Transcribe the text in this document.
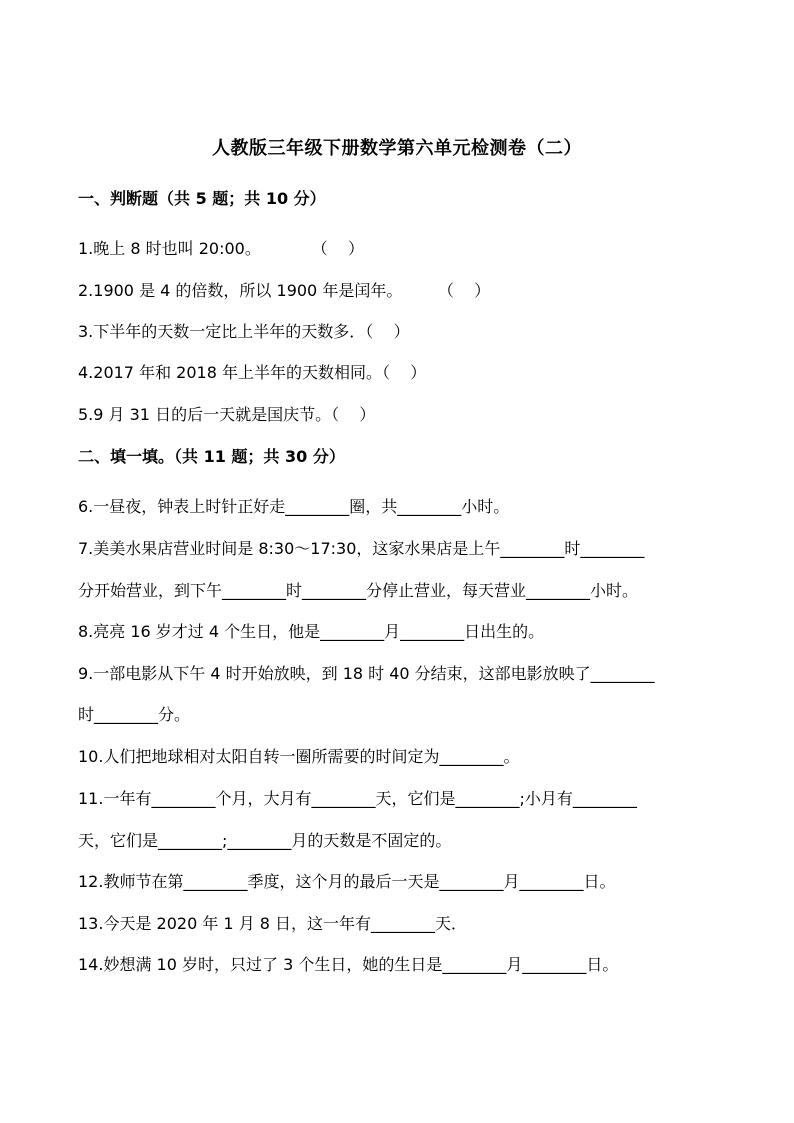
人教版三年级下册数学第六单元检测卷（二）
一、判断题（共 5 题；共 10 分）
1.晚上 8 时也叫 20:00。          （    ）
2.1900 是 4 的倍数，所以 1900 年是闰年。       （    ）
3.下半年的天数一定比上半年的天数多．（    ）
4.2017 年和 2018 年上半年的天数相同。（    ）
5.9 月 31 日的后一天就是国庆节。（    ）
二、填一填。（共 11 题；共 30 分）
6.一昼夜，钟表上时针正好走________圈，共________小时。
7.美美水果店营业时间是 8:30～17:30，这家水果店是上午________时________
分开始营业，到下午________时________分停止营业，每天营业________小时。
8.亮亮 16 岁才过 4 个生日，他是________月________日出生的。
9.一部电影从下午 4 时开始放映，到 18 时 40 分结束，这部电影放映了________
时________分。
10.人们把地球相对太阳自转一圈所需要的时间定为________。
11.一年有________个月，大月有________天，它们是________;小月有________
天，它们是________;________月的天数是不固定的。
12.教师节在第________季度，这个月的最后一天是________月________日。
13.今天是 2020 年 1 月 8 日，这一年有________天．
14.妙想满 10 岁时，只过了 3 个生日，她的生日是________月________日。
